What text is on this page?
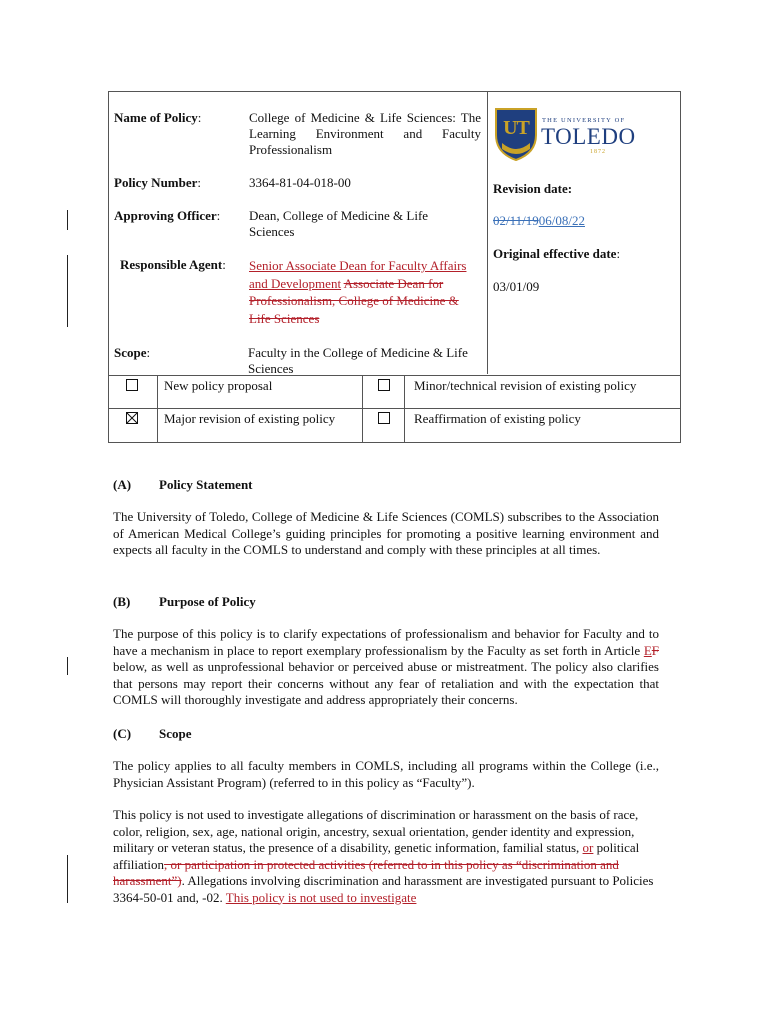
Name of Policy:	College of Medicine & Life Sciences: The Learning Environment and Faculty Professionalism
Policy Number:	3364-81-04-018-00
Approving Officer: Dean, College of Medicine & Life Sciences
Responsible Agent: Senior Associate Dean for Faculty Affairs and Development Associate Dean for Professionalism, College of Medicine & Life Sciences
Scope:	Faculty in the College of Medicine & Life Sciences
UT	THE UNIVERSITY OF
TOLEDO
1872
Revision date:
02/11/1906/08/22
Original effective date:
03/01/09
New policy proposal	Minor/technical revision of existing policy
Major revision of existing policy	Reaffirmation of existing policy
(A) Policy Statement
The University of Toledo, College of Medicine & Life Sciences (COMLS) subscribes to the Association of American Medical College’s guiding principles for promoting a positive learning environment and expects all faculty in the COMLS to understand and comply with these principles at all times.
(B) Purpose of Policy
The purpose of this policy is to clarify expectations of professionalism and behavior for Faculty and to have a mechanism in place to report exemplary professionalism by the Faculty as set forth in Article EF below, as well as unprofessional behavior or perceived abuse or mistreatment. The policy also clarifies that persons may report their concerns without any fear of retaliation and with the expectation that COMLS will thoroughly investigate and address appropriately their concerns.
(C) Scope
The policy applies to all faculty members in COMLS, including all programs within the College (i.e., Physician Assistant Program) (referred to in this policy as “Faculty”).
This policy is not used to investigate allegations of discrimination or harassment on the basis of race, color, religion, sex, age, national origin, ancestry, sexual orientation, gender identity and expression, military or veteran status, the presence of a disability, genetic information, familial status, or political affiliation, or participation in protected activities (referred to in this policy as “discrimination and harassment”). Allegations involving discrimination and harassment are investigated pursuant to Policies 3364-50-01 and, -02. This policy is not used to investigate
